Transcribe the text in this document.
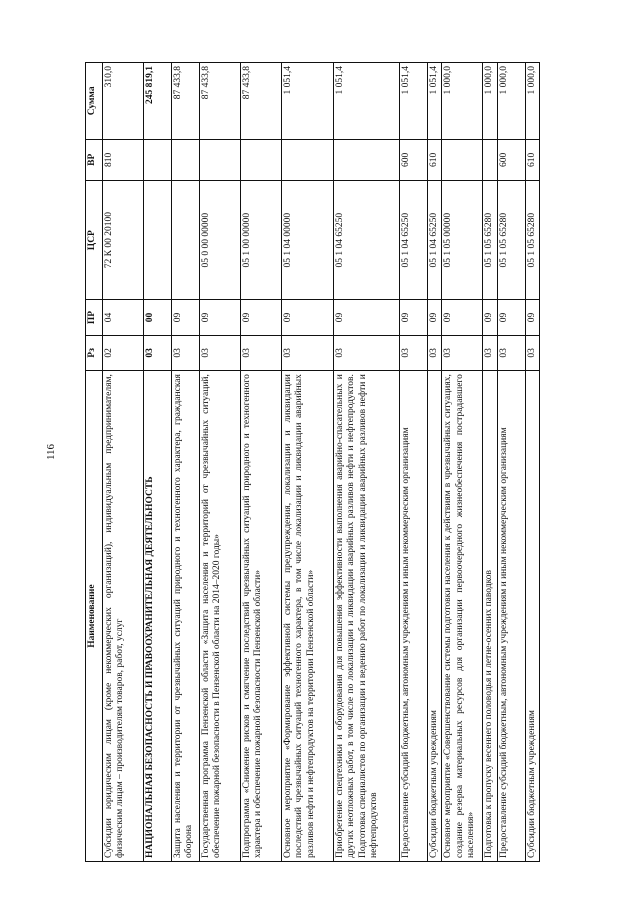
116
Наименование	Рз	ПР	ЦСР	ВР	Сумма
Субсидии юридическим лицам (кроме некоммерческих организаций), индивидуальным предпринимателям, физическим лицам – производителям товаров, работ, услуг	02	04	72 К 00 20100	810	310,0
НАЦИОНАЛЬНАЯ БЕЗОПАСНОСТЬ И ПРАВООХРАНИТЕЛЬНАЯ ДЕЯТЕЛЬНОСТЬ	03	00			245 819,1
Защита населения и территории от чрезвычайных ситуаций природного и техногенного характера, гражданская оборона	03	09			87 433,8
Государственная программа Пензенской области «Защита населения и территорий от чрезвычайных ситуаций, обеспечение пожарной безопасности в Пензенской области на 2014–2020 годы»	03	09	05 0 00 00000		87 433,8
Подпрограмма «Снижение рисков и смягчение последствий чрезвычайных ситуаций природного и техногенного характера и обеспечение пожарной безопасности Пензенской области»	03	09	05 1 00 00000		87 433,8
Основное мероприятие «Формирование эффективной системы предупреждения, локализации и ликвидации последствий чрезвычайных ситуаций техногенного характера, в том числе локализации и ликвидации аварийных разливов нефти и нефтепродуктов на территории Пензенской области»	03	09	05 1 04 00000		1 051,4
Приобретение спецтехники и оборудования для повышения эффективности выполнения аварийно-спасательных и других неотложных работ, в том числе по локализации и ликвидации аварийных разливов нефти и нефтепродуктов. Подготовка специалистов по организации и ведению работ по локализации и ликвидации аварийных разливов нефти и нефтепродуктов	03	09	05 1 04 65250		1 051,4
Предоставление субсидий бюджетным, автономным учреждениям и иным некоммерческим организациям	03	09	05 1 04 65250	600	1 051,4
Субсидии бюджетным учреждениям	03	09	05 1 04 65250	610	1 051,4
Основное мероприятие «Совершенствование системы подготовки населения к действиям в чрезвычайных ситуациях, создание резерва материальных ресурсов для организации первоочередного жизнеобеспечения пострадавшего населения»	03	09	05 1 05 00000		1 000,0
Подготовка к пропуску весеннего половодья и летне-осенних паводков	03	09	05 1 05 65280		1 000,0
Предоставление субсидий бюджетным, автономным учреждениям и иным некоммерческим организациям	03	09	05 1 05 65280	600	1 000,0
Субсидии бюджетным учреждениям	03	09	05 1 05 65280	610	1 000,0
